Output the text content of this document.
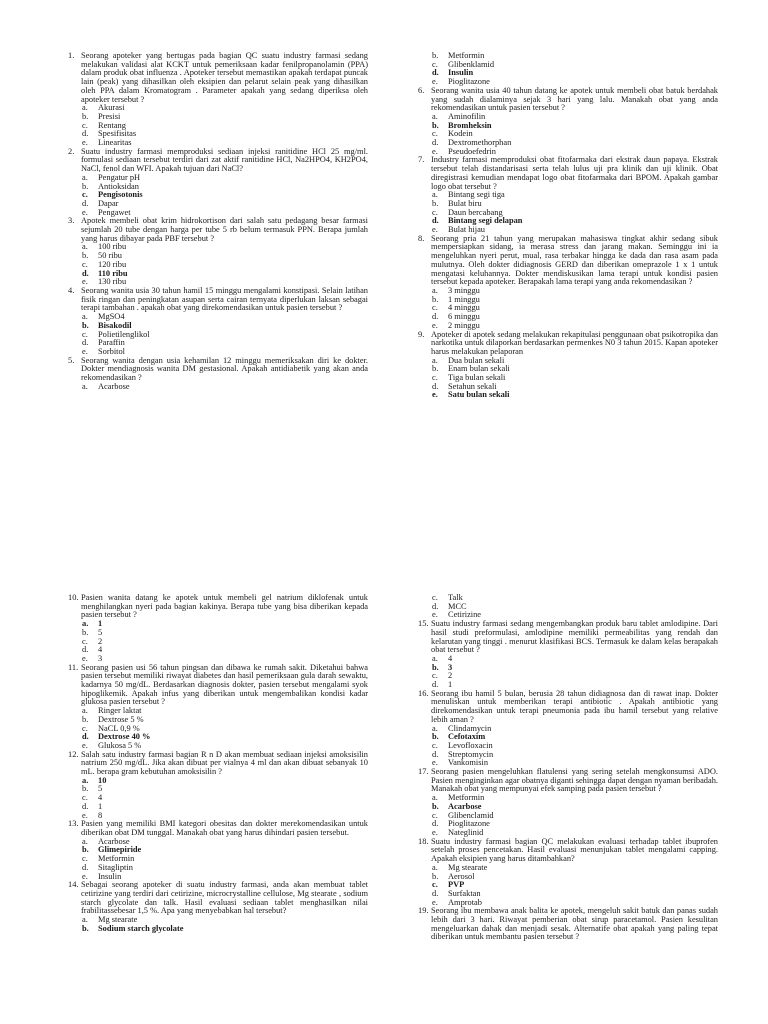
1. Seorang apoteker yang bertugas pada bagian QC suatu industry farmasi sedang melakukan validasi alat KCKT untuk pemeriksaan kadar fenilpropanolamin (PPA) dalam produk obat influenza . Apoteker tersebut memastikan apakah terdapat puncak lain (peak) yang dihasilkan oleh eksipien dan pelarut selain peak yang dihasilkan oleh PPA dalam Kromatogram . Parameter apakah yang sedang diperiksa oleh apoteker tersebut ?
a.	Akurasi
b.	Presisi
c.	Rentang
d.	Spesifisitas
e.	Linearitas
2. Suatu industry farmasi memproduksi sediaan injeksi ranitidine HCl 25 mg/ml. formulasi sediaan tersebut terdiri dari zat aktif ranitidine HCl, Na2HPO4, KH2PO4, NaCl, fenol dan WFI. Apakah tujuan dari NaCl?
a.	Pengatur pH
b.	Antioksidan
c.	Pengisotonis
d.	Dapar
e.	Pengawet
3. Apotek membeli obat krim hidrokortison dari salah satu pedagang besar farmasi sejumlah 20 tube dengan harga per tube 5 rb belum termasuk PPN. Berapa jumlah yang harus dibayar pada PBF tersebut ?
a.	100 ribu
b.	50 ribu
c.	120 ribu
d.	110 ribu
e.	130 ribu
4. Seorang wanita usia 30 tahun hamil 15 minggu mengalami konstipasi. Selain latihan fisik ringan dan peningkatan asupan serta cairan ternyata diperlukan laksan sebagai terapi tambahan . apakah obat yang direkomendasikan untuk pasien tersebut ?
a.	MgSO4
b.	Bisakodil
c.	Polietilenglikol
d.	Paraffin
e.	Sorbitol
5. Seorang wanita dengan usia kehamilan 12 minggu memeriksakan diri ke dokter. Dokter mendiagnosis wanita DM gestasional. Apakah antidiabetik yang akan anda rekomendasikan ?
a.	Acarbose
b.	Metformin
c.	Glibenklamid
d.	Insulin
e.	Pioglitazone
6. Seorang wanita usia 40 tahun datang ke apotek untuk membeli obat batuk berdahak yang sudah dialaminya sejak 3 hari yang lalu. Manakah obat yang anda rekomendasikan untuk pasien tersebut ?
a.	Aminofilin
b.	Bromheksin
c.	Kodein
d.	Dextromethorphan
e.	Pseudoefedrin
7. Industry farmasi memproduksi obat fitofarmaka dari ekstrak daun papaya. Ekstrak tersebut telah distandarisasi serta telah lulus uji pra klinik dan uji klinik. Obat diregistrasi kemudian mendapat logo obat fitofarmaka dari BPOM. Apakah gambar logo obat tersebut ?
a.	Bintang segi tiga
b.	Bulat biru
c.	Daun bercabang
d.	Bintang segi delapan
e.	Bulat hijau
8. Seorang pria 21 tahun yang merupakan mahasiswa tingkat akhir sedang sibuk mempersiapkan sidang, ia merasa stress dan jarang makan. Seminggu ini ia mengeluhkan nyeri perut, mual, rasa terbakar hingga ke dada dan rasa asam pada mulutnya. Oleh dokter didiagnosis GERD dan diberikan omeprazole 1 x 1 untuk mengatasi keluhannya. Dokter mendiskusikan lama terapi untuk kondisi pasien tersebut kepada apoteker. Berapakah lama terapi yang anda rekomendasikan ?
a.	3 minggu
b.	1 minggu
c.	4 minggu
d.	6 minggu
e.	2 minggu
9. Apoteker di apotek sedang melakukan rekapitulasi penggunaan obat psikotropika dan narkotika untuk dilaporkan berdasarkan permenkes N0 3 tahun 2015. Kapan apoteker harus melakukan pelaporan
a.	Dua bulan sekali
b.	Enam bulan sekali
c.	Tiga bulan sekali
d.	Setahun sekali
e.	Satu bulan sekali
10. Pasien wanita datang ke apotek untuk membeli gel natrium diklofenak untuk menghilangkan nyeri pada bagian kakinya. Berapa tube yang bisa diberikan kepada pasien tersebut ?
a.	1
b.	5
c.	2
d.	4
e.	3
11. Seorang pasien usi 56 tahun pingsan dan dibawa ke rumah sakit. Diketahui bahwa pasien tersebut memiliki riwayat diabetes dan hasil pemeriksaan gula darah sewaktu, kadarnya 50 mg/dL. Berdasarkan diagnosis dokter, pasien tersebut mengalami syok hipoglikemik. Apakah infus yang diberikan untuk mengembalikan kondisi kadar glukosa pasien tersebut ?
a.	Ringer laktat
b.	Dextrose 5 %
c.	NaCL 0,9 %
d.	Dextrose 40 %
e.	Glukosa 5 %
12. Salah satu industry farmasi bagian R n D akan membuat sediaan injeksi amoksisilin natrium 250 mg/dL. Jika akan dibuat per vialnya 4 ml dan akan dibuat sebanyak 10 mL. berapa gram kebutuhan amoksisilin ?
a.	10
b.	5
c.	4
d.	1
e.	8
13. Pasien yang memiliki BMI kategori obesitas dan dokter merekomendasikan untuk diberikan obat DM tunggal. Manakah obat yang harus dihindari pasien tersebut.
a.	Acarbose
b.	Glimepiride
c.	Metformin
d.	Sitagliptin
e.	Insulin
14. Sebagai seorang apoteker di suatu industry farmasi, anda akan membuat tablet cetirizine yang terdiri dari cetirizine, microcrystalline cellulose, Mg stearate , sodium starch glycolate dan talk. Hasil evaluasi sediaan tablet menghasilkan nilai frabilitassebesar 1,5 %. Apa yang menyebabkan hal tersebut?
a.	Mg stearate
b.	Sodium starch glycolate
c.	Talk
d.	MCC
e.	Cetirizine
15. Suatu industry farmasi sedang mengembangkan produk baru tablet amlodipine. Dari hasil studi preformulasi, amlodipine memiliki permeabilitas yang rendah dan kelarutan yang tinggi . menurut klasifikasi BCS. Termasuk ke dalam kelas berapakah obat tersebut ?
a.	4
b.	3
c.	2
d.	1
16. Seorang ibu hamil 5 bulan, berusia 28 tahun didiagnosa dan di rawat inap. Dokter menuliskan untuk memberikan terapi antibiotic . Apakah antibiotic yang direkomendasikan untuk terapi pneumonia pada ibu hamil tersebut yang relative lebih aman ?
a.	Clindamycin
b.	Cefotaxim
c.	Levofloxacin
d.	Streptomycin
e.	Vankomisin
17. Seorang pasien mengeluhkan flatulensi yang sering setelah mengkonsumsi ADO. Pasien menginginkan agar obatnya diganti sehingga dapat dengan nyaman beribadah. Manakah obat yang mempunyai efek samping pada pasien tersebut ?
a.	Metformin
b.	Acarbose
c.	Glibenclamid
d.	Pioglitazone
e.	Nateglinid
18. Suatu industry farmasi bagian QC melakukan evaluasi terhadap tablet ibuprofen setelah proses pencetakan. Hasil evaluasi menunjukan tablet mengalami capping. Apakah eksipien yang harus ditambahkan?
a.	Mg stearate
b.	Aerosol
c.	PVP
d.	Surfaktan
e.	Amprotab
19. Seorang ibu membawa anak balita ke apotek, mengeluh sakit batuk dan panas sudah lebih dari 3 hari. Riwayat pemberian obat sirup paracetamol. Pasien kesulitan mengeluarkan dahak dan menjadi sesak. Alternatife obat apakah yang paling tepat diberikan untuk membantu pasien tersebut ?
